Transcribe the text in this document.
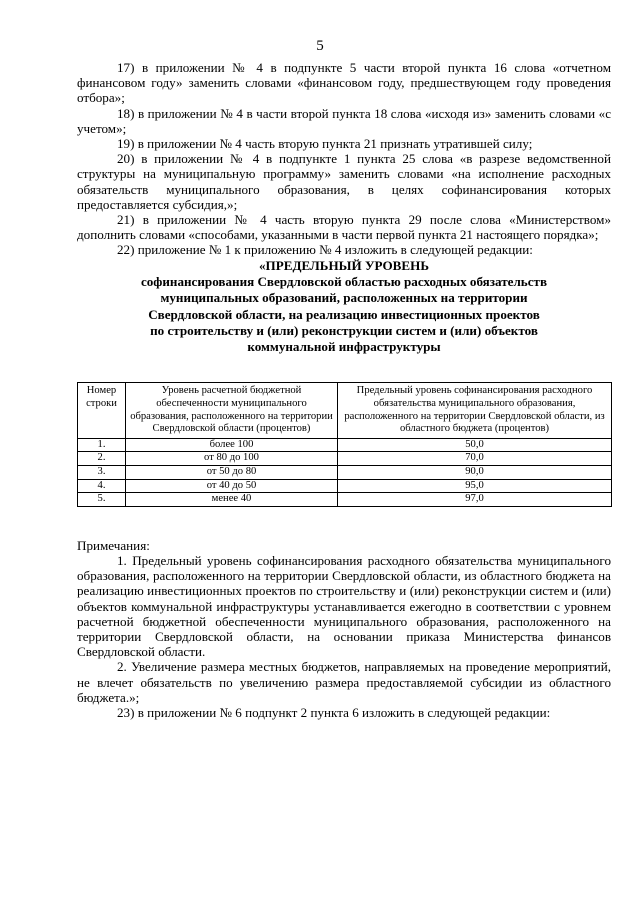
5

17) в приложении № 4 в подпункте 5 части второй пункта 16 слова «отчетном финансовом году» заменить словами «финансовом году, предшествующем году проведения отбора»;

18) в приложении № 4 в части второй пункта 18 слова «исходя из» заменить словами «с учетом»;

19) в приложении № 4 часть вторую пункта 21 признать утратившей силу;

20) в приложении № 4 в подпункте 1 пункта 25 слова «в разрезе ведомственной структуры на муниципальную программу» заменить словами «на исполнение расходных обязательств муниципального образования, в целях софинансирования которых предоставляется субсидия,»;

21) в приложении № 4 часть вторую пункта 29 после слова «Министерством» дополнить словами «способами, указанными в части первой пункта 21 настоящего порядка»;

22) приложение № 1 к приложению № 4 изложить в следующей редакции:

«ПРЕДЕЛЬНЫЙ УРОВЕНЬ
софинансирования Свердловской областью расходных обязательств
муниципальных образований, расположенных на территории
Свердловской области, на реализацию инвестиционных проектов
по строительству и (или) реконструкции систем и (или) объектов
коммунальной инфраструктуры
Номер строки	Уровень расчетной бюджетной обеспеченности муниципального образования, расположенного на территории Свердловской области (процентов)	Предельный уровень софинансирования расходного обязательства муниципального образования, расположенного на территории Свердловской области, из областного бюджета (процентов)
1.	более 100	50,0
2.	от 80 до 100	70,0
3.	от 50 до 80	90,0
4.	от 40 до 50	95,0
5.	менее 40	97,0

Примечания:

1. Предельный уровень софинансирования расходного обязательства муниципального образования, расположенного на территории Свердловской области, из областного бюджета на реализацию инвестиционных проектов по строительству и (или) реконструкции систем и (или) объектов коммунальной инфраструктуры устанавливается ежегодно в соответствии с уровнем расчетной бюджетной обеспеченности муниципального образования, расположенного на территории Свердловской области, на основании приказа Министерства финансов Свердловской области.

2. Увеличение размера местных бюджетов, направляемых на проведение мероприятий, не влечет обязательств по увеличению размера предоставляемой субсидии из областного бюджета.»;

23) в приложении № 6 подпункт 2 пункта 6 изложить в следующей редакции:
